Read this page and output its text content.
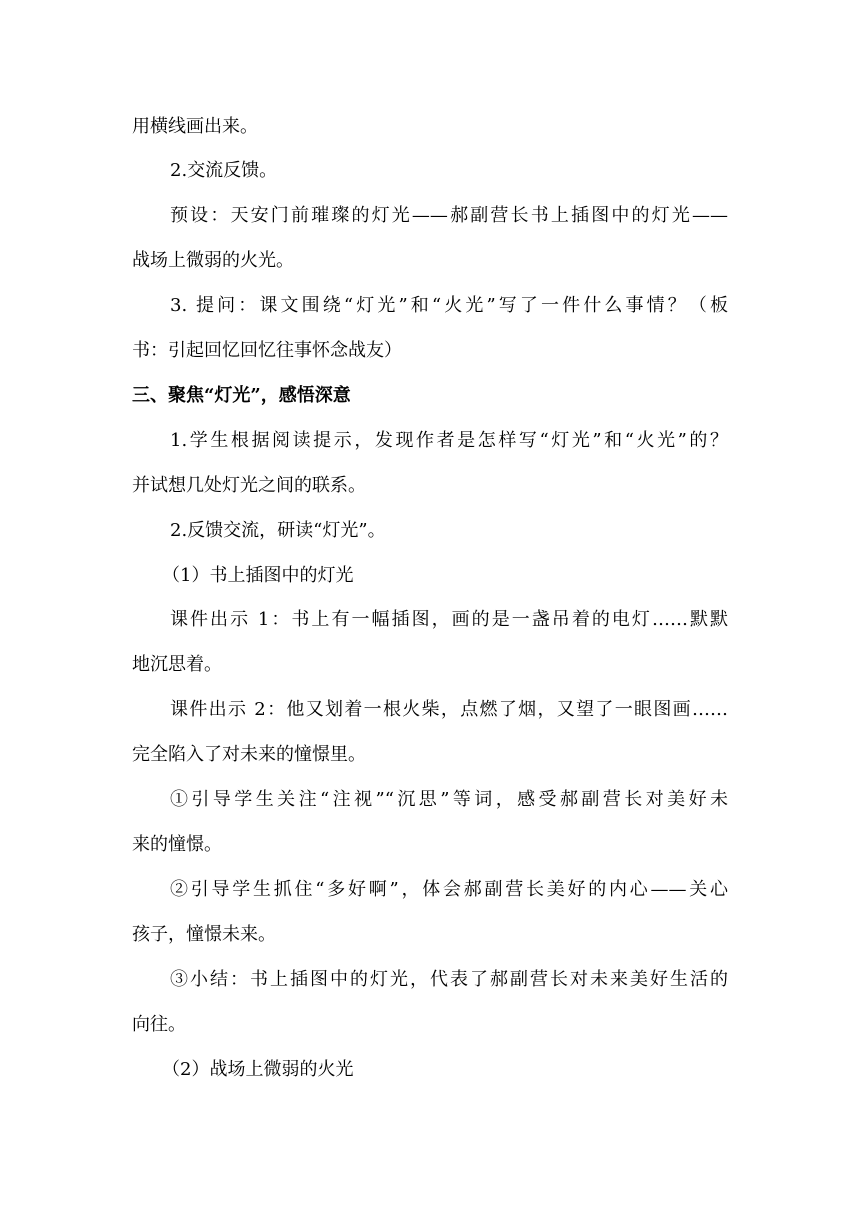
用横线画出来。
2.交流反馈。
预设：天安门前璀璨的灯光——郝副营长书上插图中的灯光——
战场上微弱的火光。
3. 提问：课文围绕“灯光”和“火光”写了一件什么事情？（板
书：引起回忆回忆往事怀念战友）
三、聚焦“灯光”，感悟深意
1.学生根据阅读提示，发现作者是怎样写“灯光”和“火光”的？
并试想几处灯光之间的联系。
2.反馈交流，研读“灯光”。
（1）书上插图中的灯光
课件出示 1：书上有一幅插图，画的是一盏吊着的电灯……默默
地沉思着。
课件出示 2：他又划着一根火柴，点燃了烟，又望了一眼图画……
完全陷入了对未来的憧憬里。
①引导学生关注“注视”“沉思”等词，感受郝副营长对美好未
来的憧憬。
②引导学生抓住“多好啊”，体会郝副营长美好的内心——关心
孩子，憧憬未来。
③小结：书上插图中的灯光，代表了郝副营长对未来美好生活的
向往。
（2）战场上微弱的火光
